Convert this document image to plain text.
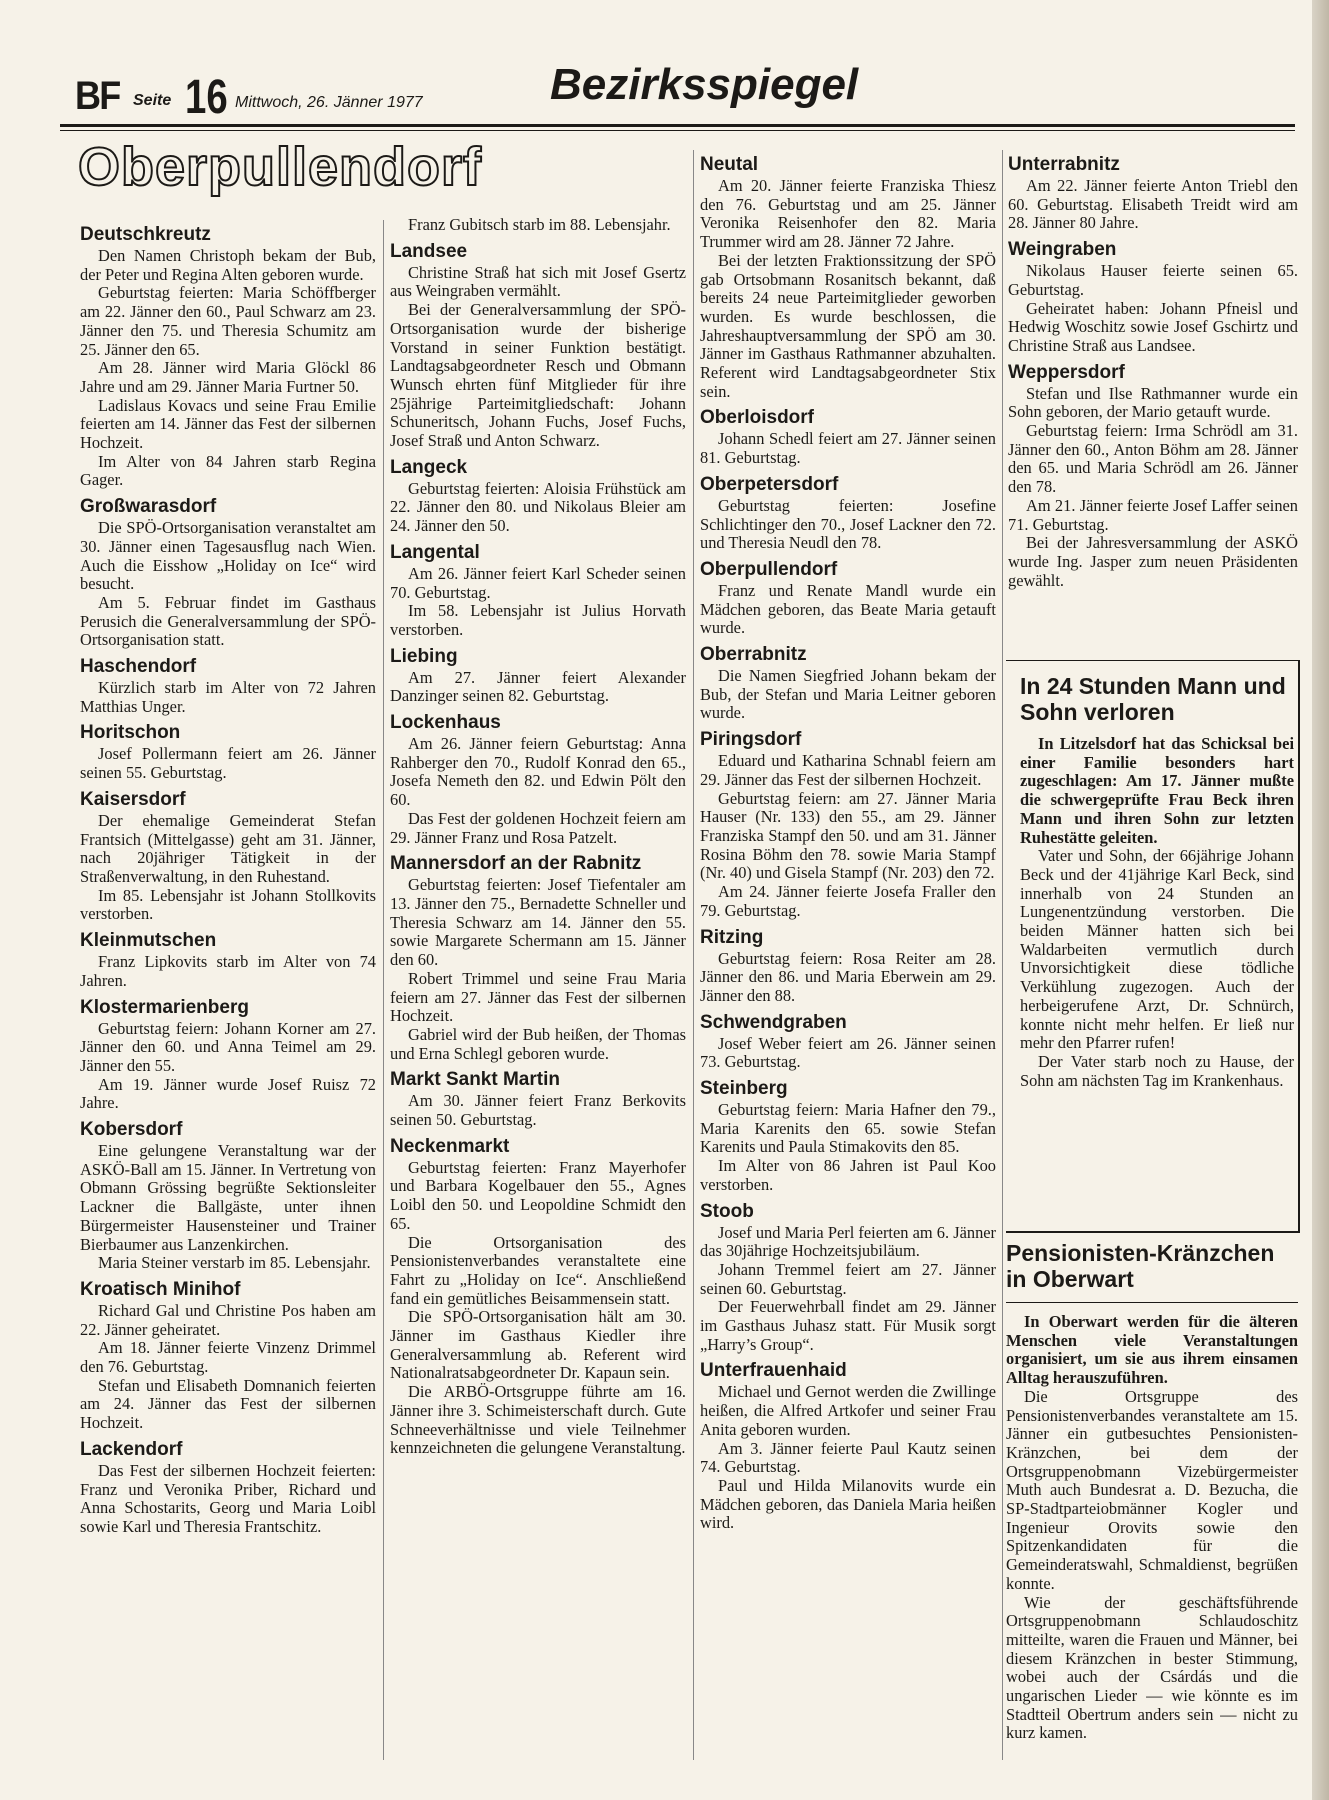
BF Seite 16 Mittwoch, 26. Jänner 1977	Bezirksspiegel
Oberpullendorf
Deutschkreutz

Den Namen Christoph bekam der Bub, der Peter und Regina Alten geboren wurde.

Geburtstag feierten: Maria Schöffberger am 22. Jänner den 60., Paul Schwarz am 23. Jänner den 75. und Theresia Schumitz am 25. Jänner den 65.

Am 28. Jänner wird Maria Glöckl 86 Jahre und am 29. Jänner Maria Furtner 50.

Ladislaus Kovacs und seine Frau Emilie feierten am 14. Jänner das Fest der silbernen Hochzeit.

Im Alter von 84 Jahren starb Regina Gager.

Großwarasdorf

Die SPÖ-Ortsorganisation veranstaltet am 30. Jänner einen Tagesausflug nach Wien. Auch die Eisshow „Holiday on Ice“ wird besucht.

Am 5. Februar findet im Gasthaus Perusich die Generalversammlung der SPÖ-Ortsorganisation statt.

Haschendorf

Kürzlich starb im Alter von 72 Jahren Matthias Unger.

Horitschon

Josef Pollermann feiert am 26. Jänner seinen 55. Geburtstag.

Kaisersdorf

Der ehemalige Gemeinderat Stefan Frantsich (Mittelgasse) geht am 31. Jänner, nach 20jähriger Tätigkeit in der Straßenverwaltung, in den Ruhestand.

Im 85. Lebensjahr ist Johann Stollkovits verstorben.

Kleinmutschen

Franz Lipkovits starb im Alter von 74 Jahren.

Klostermarienberg

Geburtstag feiern: Johann Korner am 27. Jänner den 60. und Anna Teimel am 29. Jänner den 55.

Am 19. Jänner wurde Josef Ruisz 72 Jahre.

Kobersdorf

Eine gelungene Veranstaltung war der ASKÖ-Ball am 15. Jänner. In Vertretung von Obmann Grössing begrüßte Sektionsleiter Lackner die Ballgäste, unter ihnen Bürgermeister Hausensteiner und Trainer Bierbaumer aus Lanzenkirchen.

Maria Steiner verstarb im 85. Lebensjahr.

Kroatisch Minihof

Richard Gal und Christine Pos haben am 22. Jänner geheiratet.

Am 18. Jänner feierte Vinzenz Drimmel den 76. Geburtstag.

Stefan und Elisabeth Domnanich feierten am 24. Jänner das Fest der silbernen Hochzeit.

Lackendorf

Das Fest der silbernen Hochzeit feierten: Franz und Veronika Priber, Richard und Anna Schostarits, Georg und Maria Loibl sowie Karl und Theresia Frantschitz.

Franz Gubitsch starb im 88. Lebensjahr.

Landsee

Christine Straß hat sich mit Josef Gsertz aus Weingraben vermählt.

Bei der Generalversammlung der SPÖ-Ortsorganisation wurde der bisherige Vorstand in seiner Funktion bestätigt. Landtagsabgeordneter Resch und Obmann Wunsch ehrten fünf Mitglieder für ihre 25jährige Parteimitgliedschaft: Johann Schuneritsch, Johann Fuchs, Josef Fuchs, Josef Straß und Anton Schwarz.

Langeck

Geburtstag feierten: Aloisia Frühstück am 22. Jänner den 80. und Nikolaus Bleier am 24. Jänner den 50.

Langental

Am 26. Jänner feiert Karl Scheder seinen 70. Geburtstag.

Im 58. Lebensjahr ist Julius Horvath verstorben.

Liebing

Am 27. Jänner feiert Alexander Danzinger seinen 82. Geburtstag.

Lockenhaus

Am 26. Jänner feiern Geburtstag: Anna Rahberger den 70., Rudolf Konrad den 65., Josefa Nemeth den 82. und Edwin Pölt den 60.

Das Fest der goldenen Hochzeit feiern am 29. Jänner Franz und Rosa Patzelt.

Mannersdorf an der Rabnitz

Geburtstag feierten: Josef Tiefentaler am 13. Jänner den 75., Bernadette Schneller und Theresia Schwarz am 14. Jänner den 55. sowie Margarete Schermann am 15. Jänner den 60.

Robert Trimmel und seine Frau Maria feiern am 27. Jänner das Fest der silbernen Hochzeit.

Gabriel wird der Bub heißen, der Thomas und Erna Schlegl geboren wurde.

Markt Sankt Martin

Am 30. Jänner feiert Franz Berkovits seinen 50. Geburtstag.

Neckenmarkt

Geburtstag feierten: Franz Mayerhofer und Barbara Kogelbauer den 55., Agnes Loibl den 50. und Leopoldine Schmidt den 65.

Die Ortsorganisation des Pensionistenverbandes veranstaltete eine Fahrt zu „Holiday on Ice“. Anschließend fand ein gemütliches Beisammensein statt.

Die SPÖ-Ortsorganisation hält am 30. Jänner im Gasthaus Kiedler ihre Generalversammlung ab. Referent wird Nationalratsabgeordneter Dr. Kapaun sein.

Die ARBÖ-Ortsgruppe führte am 16. Jänner ihre 3. Schimeisterschaft durch. Gute Schneeverhältnisse und viele Teilnehmer kennzeichneten die gelungene Veranstaltung.

Neutal

Am 20. Jänner feierte Franziska Thiesz den 76. Geburtstag und am 25. Jänner Veronika Reisenhofer den 82. Maria Trummer wird am 28. Jänner 72 Jahre.

Bei der letzten Fraktionssitzung der SPÖ gab Ortsobmann Rosanitsch bekannt, daß bereits 24 neue Parteimitglieder geworben wurden. Es wurde beschlossen, die Jahreshauptversammlung der SPÖ am 30. Jänner im Gasthaus Rathmanner abzuhalten. Referent wird Landtagsabgeordneter Stix sein.

Oberloisdorf

Johann Schedl feiert am 27. Jänner seinen 81. Geburtstag.

Oberpetersdorf

Geburtstag feierten: Josefine Schlichtinger den 70., Josef Lackner den 72. und Theresia Neudl den 78.

Oberpullendorf

Franz und Renate Mandl wurde ein Mädchen geboren, das Beate Maria getauft wurde.

Oberrabnitz

Die Namen Siegfried Johann bekam der Bub, der Stefan und Maria Leitner geboren wurde.

Piringsdorf

Eduard und Katharina Schnabl feiern am 29. Jänner das Fest der silbernen Hochzeit.

Geburtstag feiern: am 27. Jänner Maria Hauser (Nr. 133) den 55., am 29. Jänner Franziska Stampf den 50. und am 31. Jänner Rosina Böhm den 78. sowie Maria Stampf (Nr. 40) und Gisela Stampf (Nr. 203) den 72.

Am 24. Jänner feierte Josefa Fraller den 79. Geburtstag.

Ritzing

Geburtstag feiern: Rosa Reiter am 28. Jänner den 86. und Maria Eberwein am 29. Jänner den 88.

Schwendgraben

Josef Weber feiert am 26. Jänner seinen 73. Geburtstag.

Steinberg

Geburtstag feiern: Maria Hafner den 79., Maria Karenits den 65. sowie Stefan Karenits und Paula Stimakovits den 85.

Im Alter von 86 Jahren ist Paul Koo verstorben.

Stoob

Josef und Maria Perl feierten am 6. Jänner das 30jährige Hochzeitsjubiläum.

Johann Tremmel feiert am 27. Jänner seinen 60. Geburtstag.

Der Feuerwehrball findet am 29. Jänner im Gasthaus Juhasz statt. Für Musik sorgt „Harry’s Group“.

Unterfrauenhaid

Michael und Gernot werden die Zwillinge heißen, die Alfred Artkofer und seiner Frau Anita geboren wurden.

Am 3. Jänner feierte Paul Kautz seinen 74. Geburtstag.

Paul und Hilda Milanovits wurde ein Mädchen geboren, das Daniela Maria heißen wird.

Unterrabnitz

Am 22. Jänner feierte Anton Triebl den 60. Geburtstag. Elisabeth Treidt wird am 28. Jänner 80 Jahre.

Weingraben

Nikolaus Hauser feierte seinen 65. Geburtstag.

Geheiratet haben: Johann Pfneisl und Hedwig Woschitz sowie Josef Gschirtz und Christine Straß aus Landsee.

Weppersdorf

Stefan und Ilse Rathmanner wurde ein Sohn geboren, der Mario getauft wurde.

Geburtstag feiern: Irma Schrödl am 31. Jänner den 60., Anton Böhm am 28. Jänner den 65. und Maria Schrödl am 26. Jänner den 78.

Am 21. Jänner feierte Josef Laffer seinen 71. Geburtstag.

Bei der Jahresversammlung der ASKÖ wurde Ing. Jasper zum neuen Präsidenten gewählt.

In 24 Stunden Mann und Sohn verloren

In Litzelsdorf hat das Schicksal bei einer Familie besonders hart zugeschlagen: Am 17. Jänner mußte die schwergeprüfte Frau Beck ihren Mann und ihren Sohn zur letzten Ruhestätte geleiten.

Vater und Sohn, der 66jährige Johann Beck und der 41jährige Karl Beck, sind innerhalb von 24 Stunden an Lungenentzündung verstorben. Die beiden Männer hatten sich bei Waldarbeiten vermutlich durch Unvorsichtigkeit diese tödliche Verkühlung zugezogen. Auch der herbeigerufene Arzt, Dr. Schnürch, konnte nicht mehr helfen. Er ließ nur mehr den Pfarrer rufen!

Der Vater starb noch zu Hause, der Sohn am nächsten Tag im Krankenhaus.

Pensionisten-Kränzchen in Oberwart

In Oberwart werden für die älteren Menschen viele Veranstaltungen organisiert, um sie aus ihrem einsamen Alltag herauszuführen.

Die Ortsgruppe des Pensionistenverbandes veranstaltete am 15. Jänner ein gutbesuchtes Pensionisten-Kränzchen, bei dem der Ortsgruppenobmann Vizebürgermeister Muth auch Bundesrat a. D. Bezucha, die SP-Stadtparteiobmänner Kogler und Ingenieur Orovits sowie den Spitzenkandidaten für die Gemeinderatswahl, Schmaldienst, begrüßen konnte.

Wie der geschäftsführende Ortsgruppenobmann Schlaudoschitz mitteilte, waren die Frauen und Männer, bei diesem Kränzchen in bester Stimmung, wobei auch der Csárdás und die ungarischen Lieder — wie könnte es im Stadtteil Obertrum anders sein — nicht zu kurz kamen.
